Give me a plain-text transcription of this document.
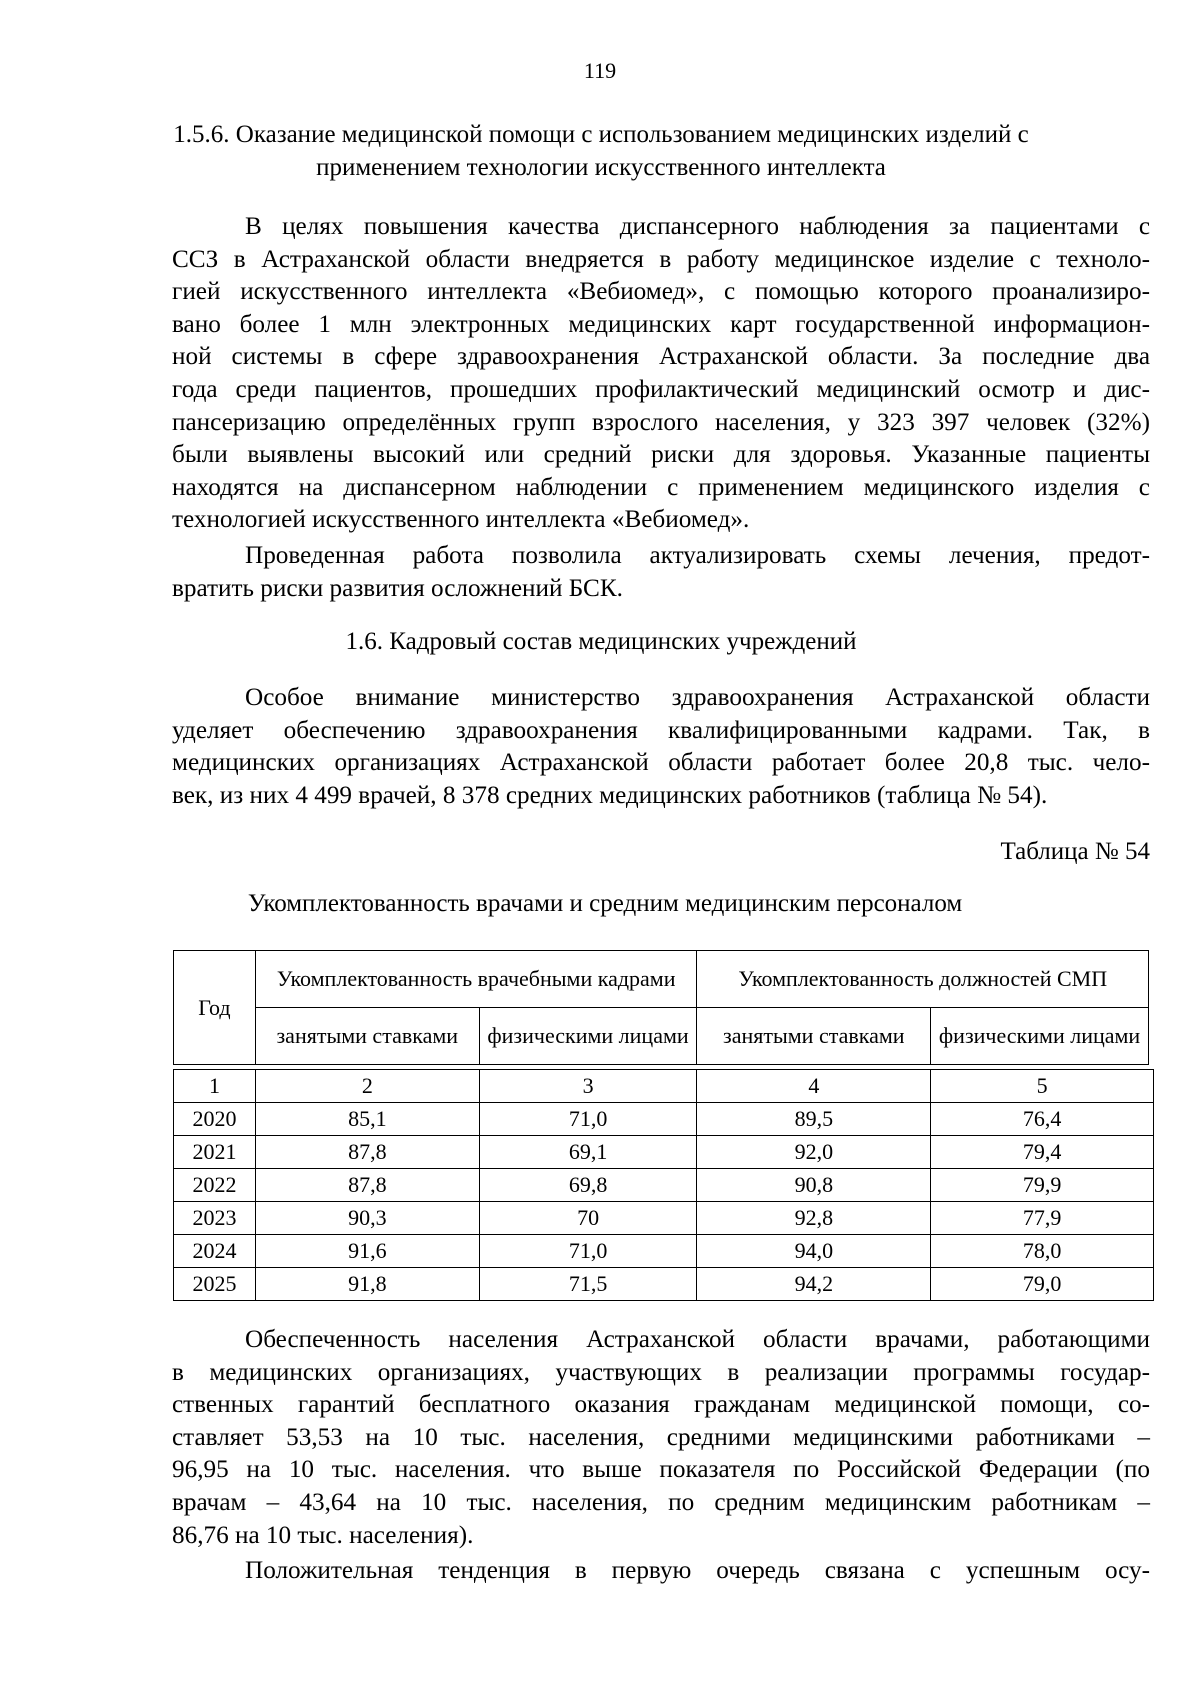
119
1.5.6. Оказание медицинской помощи с использованием медицинских изделий с
применением технологии искусственного интеллекта
В целях повышения качества диспансерного наблюдения за пациентами с
ССЗ в Астраханской области внедряется в работу медицинское изделие с техноло-
гией искусственного интеллекта «Вебиомед», с помощью которого проанализиро-
вано более 1 млн электронных медицинских карт государственной информацион-
ной системы в сфере здравоохранения Астраханской области. За последние два
года среди пациентов, прошедших профилактический медицинский осмотр и дис-
пансеризацию определённых групп взрослого населения, у 323 397 человек (32%)
были выявлены высокий или средний риски для здоровья. Указанные пациенты
находятся на диспансерном наблюдении с применением медицинского изделия с
технологией искусственного интеллекта «Вебиомед».
Проведенная работа позволила актуализировать схемы лечения, предот-
вратить риски развития осложнений БСК.
1.6. Кадровый состав медицинских учреждений
Особое внимание министерство здравоохранения Астраханской области
уделяет обеспечению здравоохранения квалифицированными кадрами. Так, в
медицинских организациях Астраханской области работает более 20,8 тыс. чело-
век, из них 4 499 врачей, 8 378 средних медицинских работников (таблица № 54).
Таблица № 54
Укомплектованность врачами и средним медицинским персоналом
Год	Укомплектованность врачебными кадрами		Укомплектованность должностей СМП	
	занятыми ставками	физическими лицами	занятыми ставками	физическими лицами
1	2	3	4	5
2020	85,1	71,0	89,5	76,4
2021	87,8	69,1	92,0	79,4
2022	87,8	69,8	90,8	79,9
2023	90,3	70	92,8	77,9
2024	91,6	71,0	94,0	78,0
2025	91,8	71,5	94,2	79,0
Обеспеченность населения Астраханской области врачами, работающими
в медицинских организациях, участвующих в реализации программы государ-
ственных гарантий бесплатного оказания гражданам медицинской помощи, со-
ставляет 53,53 на 10 тыс. населения, средними медицинскими работниками –
96,95 на 10 тыс. населения. что выше показателя по Российской Федерации (по
врачам – 43,64 на 10 тыс. населения, по средним медицинским работникам –
86,76 на 10 тыс. населения).
Положительная тенденция в первую очередь связана с успешным осу-
